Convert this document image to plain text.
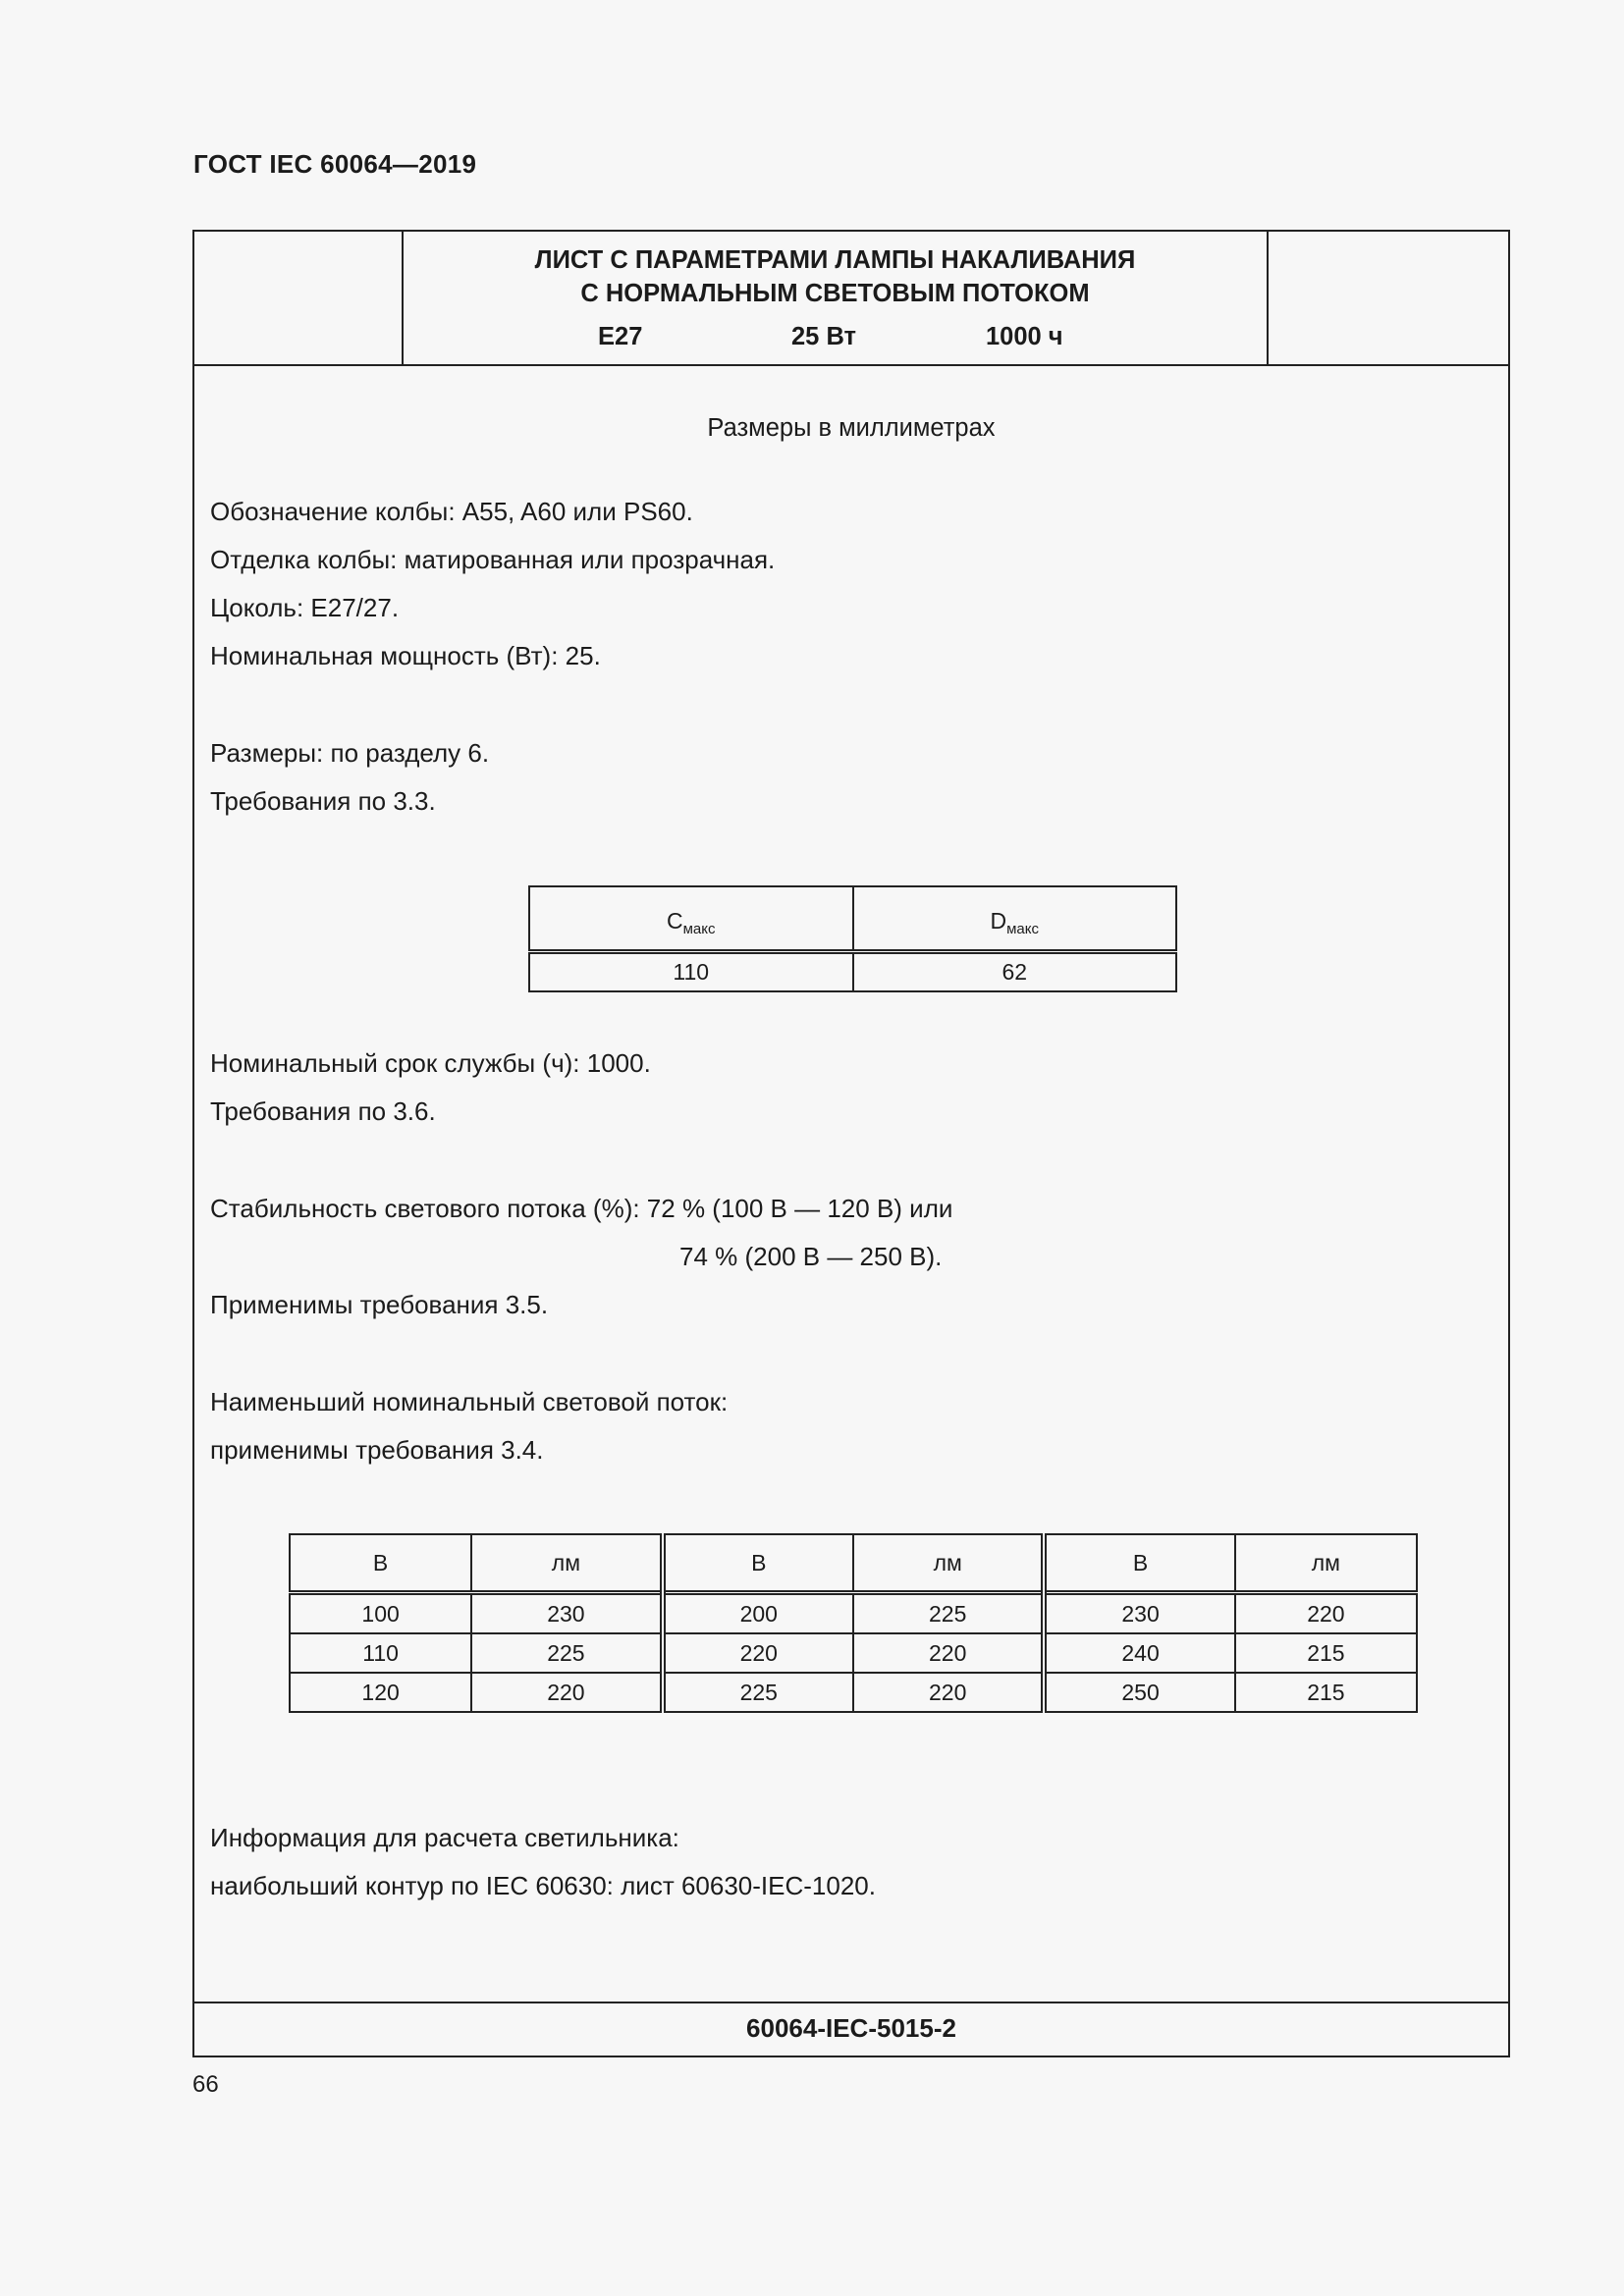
ГОСТ IEC 60064—2019
ЛИСТ С ПАРАМЕТРАМИ ЛАМПЫ НАКАЛИВАНИЯ
С НОРМАЛЬНЫМ СВЕТОВЫМ ПОТОКОМ
E27	25 Вт	1000 ч
Размеры в миллиметрах
Обозначение колбы: A55, A60 или PS60.
Отделка колбы: матированная или прозрачная.
Цоколь: E27/27.
Номинальная мощность (Вт): 25.
Размеры: по разделу 6.
Требования по 3.3.
$C_{макс}$	$D_{макс}$
110	62
Номинальный срок службы (ч): 1000.
Требования по 3.6.
Стабильность светового потока (%): 72 % (100 В — 120 В) или
74 % (200 В — 250 В).
Применимы требования 3.5.
Наименьший номинальный световой поток:
применимы требования 3.4.
В	лм	В	лм	В	лм
100	230	200	225	230	220
110	225	220	220	240	215
120	220	225	220	250	215
Информация для расчета светильника:
наибольший контур по IEC 60630: лист 60630-IEC-1020.
60064-IEC-5015-2
66
